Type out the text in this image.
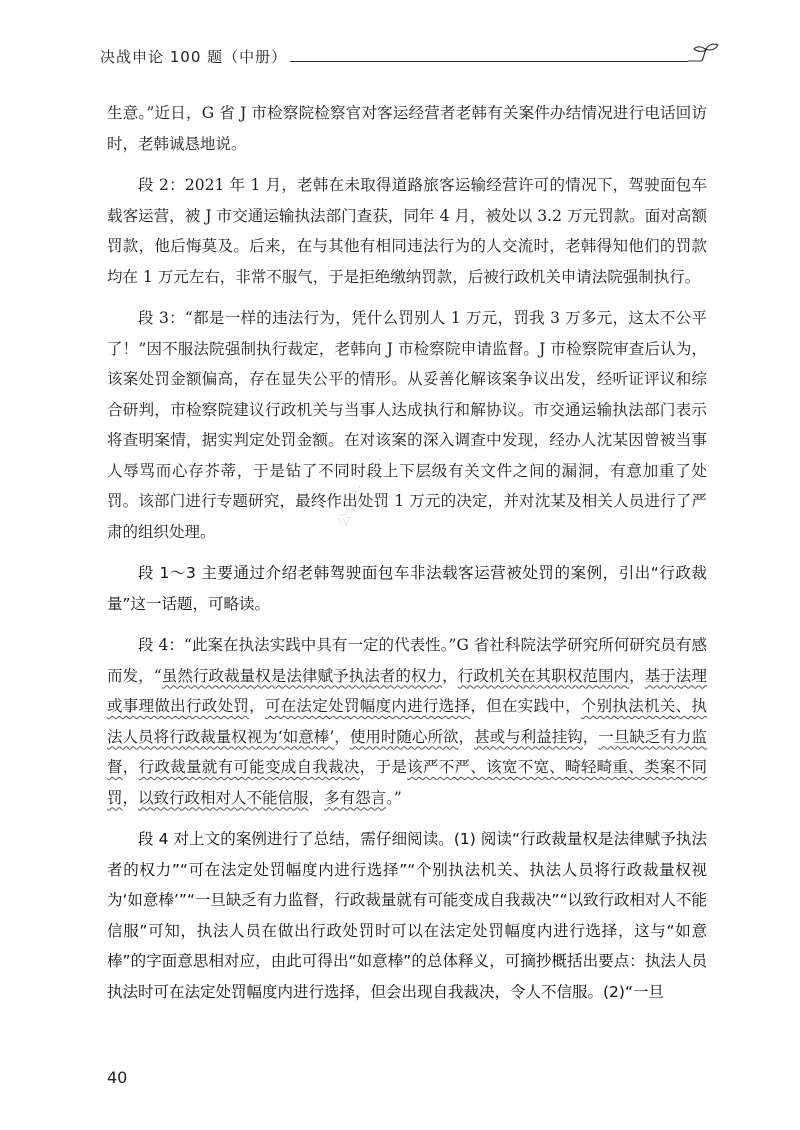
决战申论 100 题（中册）
公众号：小…

生意。”近日，G 省 J 市检察院检察官对客运经营者老韩有关案件办结情况进行电话回访时，老韩诚恳地说。

段 2：2021 年 1 月，老韩在未取得道路旅客运输经营许可的情况下，驾驶面包车载客运营，被 J 市交通运输执法部门查获，同年 4 月，被处以 3.2 万元罚款。面对高额罚款，他后悔莫及。后来，在与其他有相同违法行为的人交流时，老韩得知他们的罚款均在 1 万元左右，非常不服气，于是拒绝缴纳罚款，后被行政机关申请法院强制执行。

段 3：“都是一样的违法行为，凭什么罚别人 1 万元，罚我 3 万多元，这太不公平了！”因不服法院强制执行裁定，老韩向 J 市检察院申请监督。J 市检察院审查后认为，该案处罚金额偏高，存在显失公平的情形。从妥善化解该案争议出发，经听证评议和综合研判，市检察院建议行政机关与当事人达成执行和解协议。市交通运输执法部门表示将查明案情，据实判定处罚金额。在对该案的深入调查中发现，经办人沈某因曾被当事人辱骂而心存芥蒂，于是钻了不同时段上下层级有关文件之间的漏洞，有意加重了处罚。该部门进行专题研究，最终作出处罚 1 万元的决定，并对沈某及相关人员进行了严肃的组织处理。

段 1～3 主要通过介绍老韩驾驶面包车非法载客运营被处罚的案例，引出“行政裁量”这一话题，可略读。

段 4：“此案在执法实践中具有一定的代表性。”G 省社科院法学研究所何研究员有感而发，“虽然行政裁量权是法律赋予执法者的权力，行政机关在其职权范围内，基于法理或事理做出行政处罚，可在法定处罚幅度内进行选择，但在实践中，个别执法机关、执法人员将行政裁量权视为‘如意棒’，使用时随心所欲，甚或与利益挂钩，一旦缺乏有力监督，行政裁量就有可能变成自我裁决，于是该严不严、该宽不宽、畸轻畸重、类案不同罚，以致行政相对人不能信服，多有怨言。”

段 4 对上文的案例进行了总结，需仔细阅读。(1) 阅读“行政裁量权是法律赋予执法者的权力”“可在法定处罚幅度内进行选择”“个别执法机关、执法人员将行政裁量权视为‘如意棒’”“一旦缺乏有力监督，行政裁量就有可能变成自我裁决”“以致行政相对人不能信服”可知，执法人员在做出行政处罚时可以在法定处罚幅度内进行选择，这与“如意棒”的字面意思相对应，由此可得出“如意棒”的总体释义，可摘抄概括出要点：执法人员执法时可在法定处罚幅度内进行选择，但会出现自我裁决，令人不信服。(2)“一旦

40
